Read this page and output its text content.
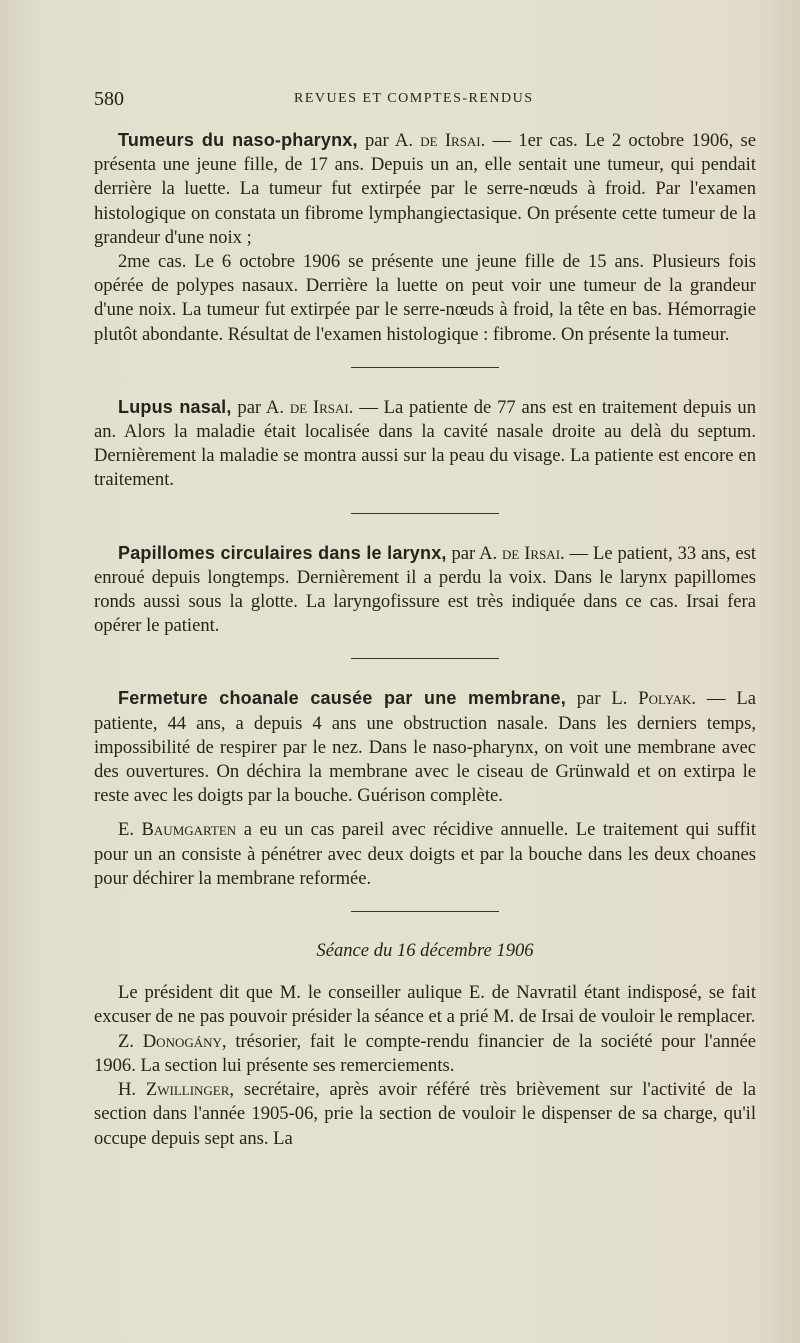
580	REVUES ET COMPTES-RENDUS

Tumeurs du naso-pharynx, par A. de Irsai. — 1er cas. Le 2 octobre 1906, se présenta une jeune fille, de 17 ans. Depuis un an, elle sentait une tumeur, qui pendait derrière la luette. La tumeur fut extirpée par le serre-nœuds à froid. Par l'examen histologique on constata un fibrome lymphangiectasique. On présente cette tumeur de la grandeur d'une noix ;

2me cas. Le 6 octobre 1906 se présente une jeune fille de 15 ans. Plusieurs fois opérée de polypes nasaux. Derrière la luette on peut voir une tumeur de la grandeur d'une noix. La tumeur fut extirpée par le serre-nœuds à froid, la tête en bas. Hémorragie plutôt abondante. Résultat de l'examen histologique : fibrome. On présente la tumeur.

Lupus nasal, par A. de Irsai. — La patiente de 77 ans est en traitement depuis un an. Alors la maladie était localisée dans la cavité nasale droite au delà du septum. Dernièrement la maladie se montra aussi sur la peau du visage. La patiente est encore en traitement.

Papillomes circulaires dans le larynx, par A. de Irsai. — Le patient, 33 ans, est enroué depuis longtemps. Dernièrement il a perdu la voix. Dans le larynx papillomes ronds aussi sous la glotte. La laryngofissure est très indiquée dans ce cas. Irsai fera opérer le patient.

Fermeture choanale causée par une membrane, par L. Polyak. — La patiente, 44 ans, a depuis 4 ans une obstruction nasale. Dans les derniers temps, impossibilité de respirer par le nez. Dans le naso-pharynx, on voit une membrane avec des ouvertures. On déchira la membrane avec le ciseau de Grünwald et on extirpa le reste avec les doigts par la bouche. Guérison complète.

E. Baumgarten a eu un cas pareil avec récidive annuelle. Le traitement qui suffit pour un an consiste à pénétrer avec deux doigts et par la bouche dans les deux choanes pour déchirer la membrane reformée.

Séance du 16 décembre 1906

Le président dit que M. le conseiller aulique E. de Navratil étant indisposé, se fait excuser de ne pas pouvoir présider la séance et a prié M. de Irsai de vouloir le remplacer.

Z. Donogány, trésorier, fait le compte-rendu financier de la société pour l'année 1906. La section lui présente ses remerciements.

H. Zwillinger, secrétaire, après avoir référé très brièvement sur l'activité de la section dans l'année 1905-06, prie la section de vouloir le dispenser de sa charge, qu'il occupe depuis sept ans. La
